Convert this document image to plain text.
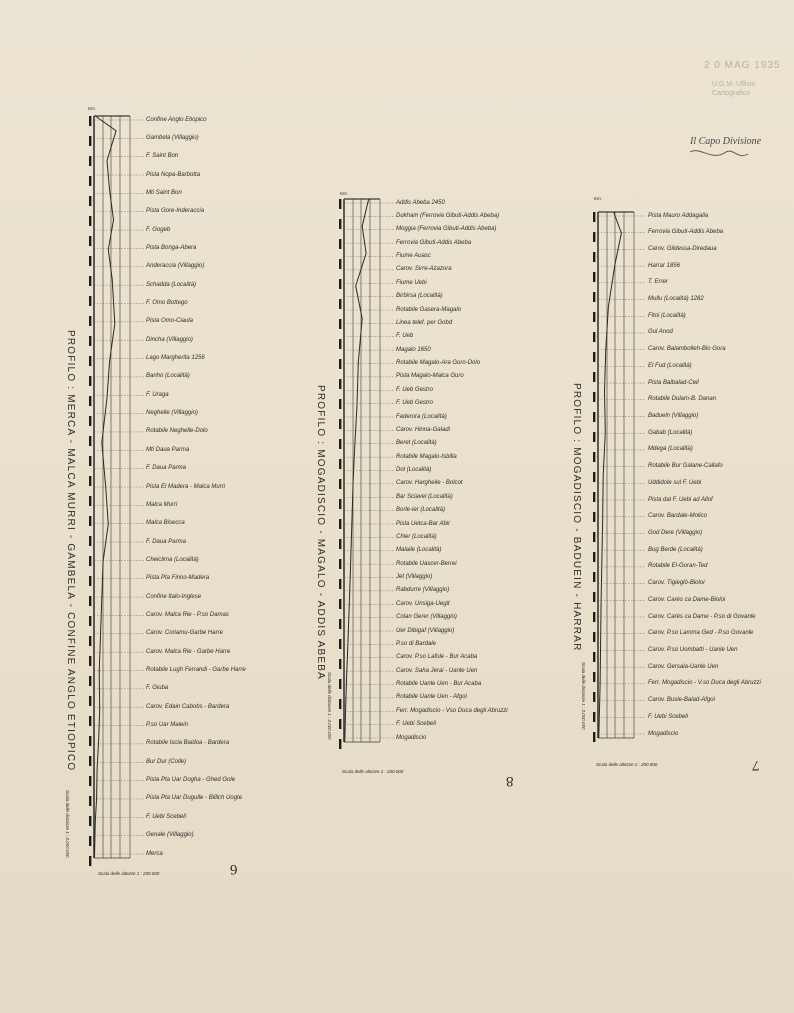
2 0 MAG 1935
U.G.M. Ufficio Cartografico
Il Capo Divisione
PROFILO : MERCA - MALCA MURRI - GAMBELA - CONFINE ANGLO ETIOPICO	PROFILO : MOGADISCIO - MAGALO - ADDIS ABEBA	PROFILO : MOGADISCIO - BADUEIN - HARRAR
6
8
7
Scala delle altezze 1 : 200.000
Scala delle altezze 1 : 200.000
Scala delle altezze 1 : 200.000
Scala delle distanze 1 : 2.000.000
Scala delle distanze 1 : 2.000.000	Scala delle distanze 1 : 2.000.000
Km.
Km.
Km.
Confine Anglo Etiopico
Gambela (Villaggio)
F. Saint Bon
Pista Nopa-Barbotta
Mti Saint Bon
Pista Gore-Inderaccia
F. Gogeb
Pista Bonga-Abera
Anderaccia (Villaggio)
Schadda (Località)
F. Omo Bottego
Pista Omo-Ciaula
Dincha (Villaggio)
Lago Margherita 1256
Banho (Località)
F. Uraga
Neghelle (Villaggio)
Rotabile Neghelle-Dolo
Mti Daua Parma
F. Daua Parma
Pista El Madera - Malca Murri
Malca Murri
Malca Bisecca
F. Daua Parma
Cheiclima (Località)
Pista Pta Finno-Madera
Confine Italo-Inglese
Carov. Malca Rie - P.so Damas
Carov. Coriamu-Garbe Harre
Carov. Malca Rie - Garbe Harre
Rotabile Lugh Ferrandi - Garbe Harre
F. Giuba
Carov. Edain Cabobs - Bardera
P.so Uar Maiein
Rotabile Iscia Baidoa - Bardera
Bur Dur (Colle)
Pista Pta Uar Dogha - Ghed Gole
Pista Pta Uar Dugulle - Billich Uogte
F. Uebi Scebeli
Genale (Villaggio)
Merca
Addis Abeba 2450
Dukham (Ferrovia Gibuti-Addis Abeba)
Moggia (Ferrovia Gibuti-Addis Abeba)
Ferrovia Gibuti-Addis Abeba
Fiume Auasc
Carov. Sirre-Azazora
Fiume Uebi
Birbirsa (Località)
Rotabile Gasera-Magalo
Linea telef. per Gobd
F. Ueb
Magalo 1650
Rotabile Magalo-Ara Goro-Dolo
Pista Magalo-Malca Guro
F. Ueb Gestro
F. Ueb Gestro
Faderora (Località)
Carov. Hinna-Galadi
Beret (Località)
Rotabile Magalo-Isbilla
Dol (Località)
Carov. Hargheile - Bolcot
Bar Sciavel (Località)
Borle-ier (Località)
Pista Uetca-Bar Abir
Chier (Località)
Malaile (Località)
Rotabile Uascer-Berrei
Jet (Villaggio)
Rabdurre (Villaggio)
Carov. Unsiga-Uegit
Colan Gerer (Villaggio)
Uer Dibigaf (Villaggio)
P.so di Bardale
Carov. P.so Lafole - Bur Acaba
Carov. Saha Jerai - Uanle Uen
Rotabile Uanle Uen - Bur Acaba
Rotabile Uanle Uen - Afgoi
Ferr. Mogadiscio - Vso Duca degli Abruzzi
F. Uebi Scebeli
Mogadiscio
Pista Mauro Addagalla
Ferrovia Gibuti-Addis Abeba
Carov. Gildessa-Diredaua
Harrar 1856
T. Errer
Mullu (Località) 1282
Fitoi (Località)
Gul Anod
Carov. Balambolleh-Bio Gora
El Fud (Località)
Pista Balbalad-Ceil
Rotabile Dulam-B. Danan
Badueln (Villaggio)
Gabab (Località)
Mdega (Località)
Rotabile Bur Galane-Callafo
Uddidole sul F. Uebi
Pista dal F. Uebi ad Allof
Carov. Bardale-Molico
God Dere (Villaggio)
Bug Berde (Località)
Rotabile El-Goran-Ted
Carov. Tigieglò-Bioloi
Carov. Carès ca Dame-Bioloi
Carov. Carès ca Dame - P.so di Govanle
Carov. P.so Lamma Ged - P.so Govanle
Carov. P.so Uombatti - Uanle Uen
Carov. Gersala-Uanle Uen
Ferr. Mogadiscio - V.so Duca degli Abruzzi
Carov. Busle-Balad-Afgoi
F. Uebi Scebeli
Mogadiscio
